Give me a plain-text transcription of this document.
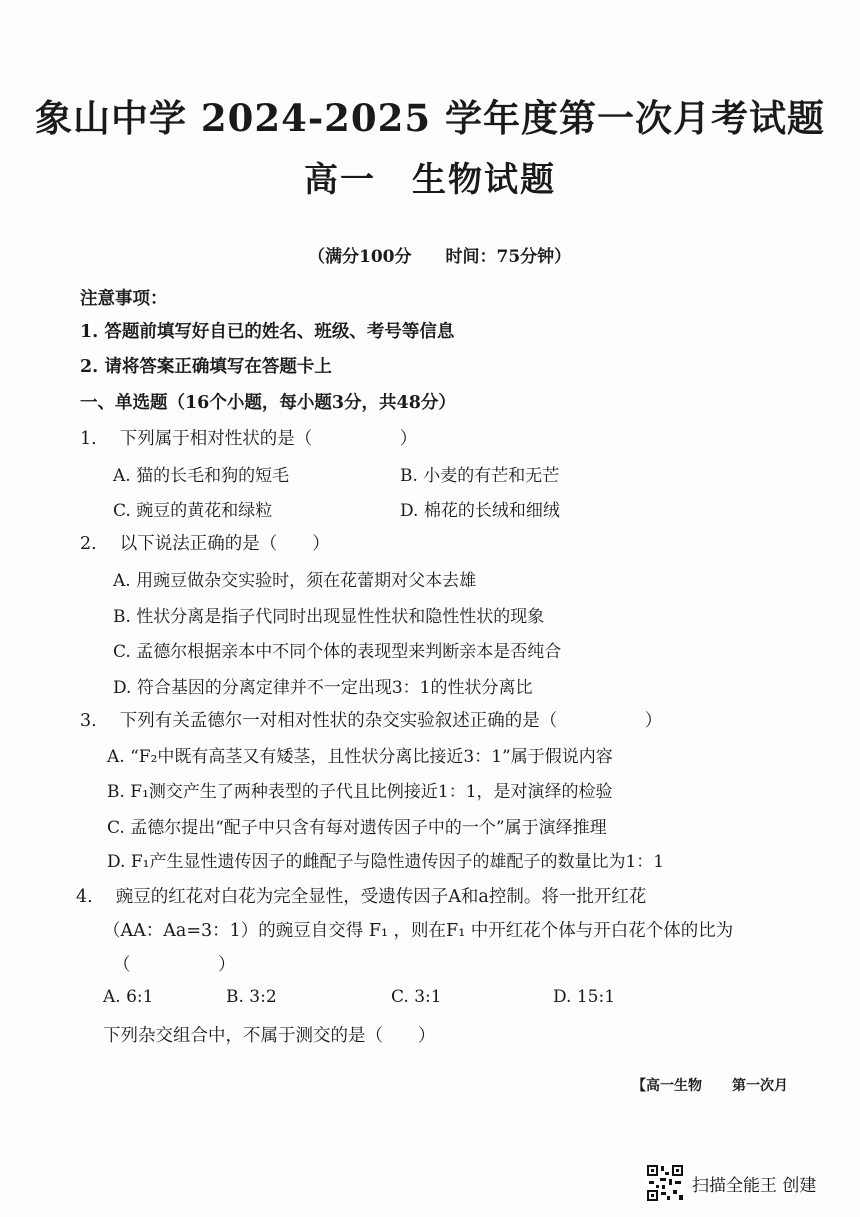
象山中学 2024-2025 学年度第一次月考试题
高一 生物试题
（满分100分 时间：75分钟）
注意事项：
1. 答题前填写好自已的姓名、班级、考号等信息
2. 请将答案正确填写在答题卡上
一、单选题（16个小题，每小题3分，共48分）
1.　 下列属于相对性状的是（　　　　　）
A. 猫的长毛和狗的短毛	B. 小麦的有芒和无芒
C. 豌豆的黄花和绿粒	D. 棉花的长绒和细绒
2.　 以下说法正确的是（　　）
A. 用豌豆做杂交实验时，须在花蕾期对父本去雄
B. 性状分离是指子代同时出现显性性状和隐性性状的现象
C. 孟德尔根据亲本中不同个体的表现型来判断亲本是否纯合
D. 符合基因的分离定律并不一定出现3：1的性状分离比
3.　 下列有关孟德尔一对相对性状的杂交实验叙述正确的是（　　　　　）
A. “F₂中既有高茎又有矮茎，且性状分离比接近3：1”属于假说内容
B. F₁测交产生了两种表型的子代且比例接近1：1，是对演绎的检验
C. 孟德尔提出“配子中只含有每对遗传因子中的一个”属于演绎推理
D. F₁产生显性遗传因子的雌配子与隐性遗传因子的雄配子的数量比为1：1
4.　 豌豆的红花对白花为完全显性，受遗传因子A和a控制。将一批开红花
（AA：Aa=3：1）的豌豆自交得 F₁ ，则在F₁ 中开红花个体与开白花个体的比为
（　　　　　）
A. 6:1	B. 3:2	C. 3:1	D. 15:1
下列杂交组合中，不属于测交的是（　　）
【高一生物 第一次月
扫描全能王 创建
